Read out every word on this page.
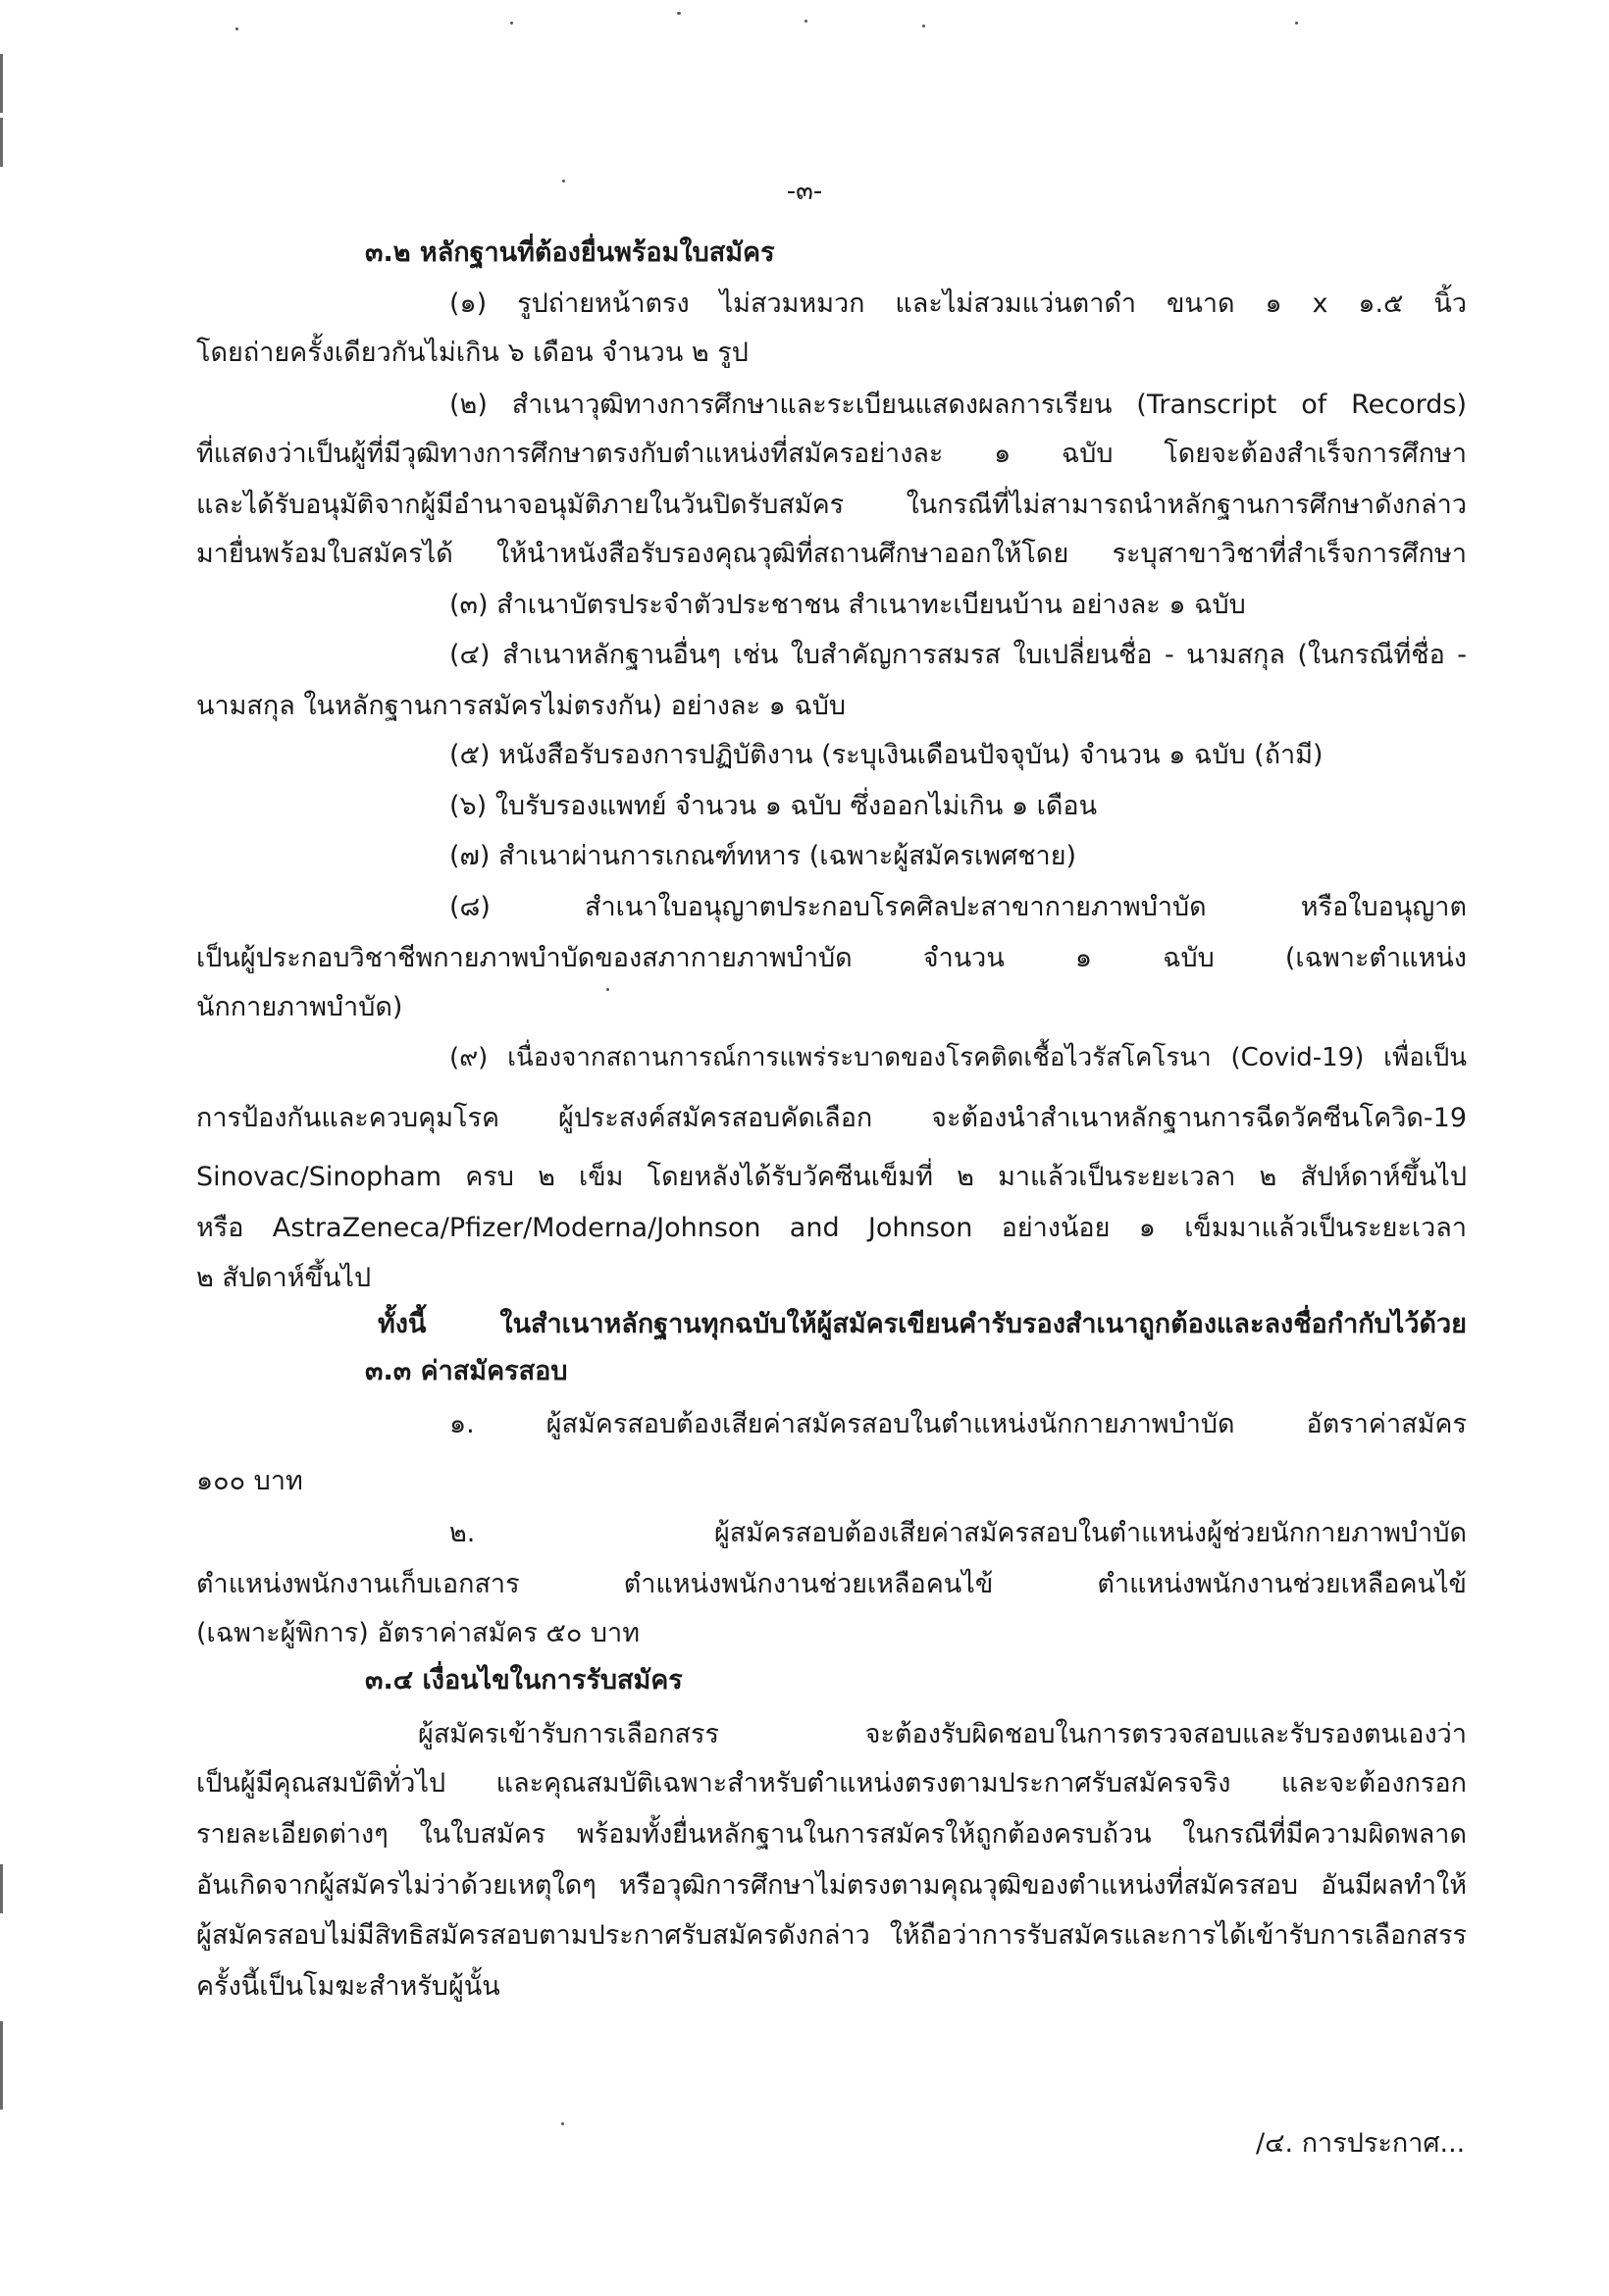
-๓-
๓.๒ หลักฐานที่ต้องยื่นพร้อมใบสมัคร
(๑) รูปถ่ายหน้าตรง ไม่สวมหมวก และไม่สวมแว่นตาดำ ขนาด ๑ x ๑.๕ นิ้ว
โดยถ่ายครั้งเดียวกันไม่เกิน ๖ เดือน จำนวน ๒ รูป
(๒) สำเนาวุฒิทางการศึกษาและระเบียนแสดงผลการเรียน (Transcript of Records)
ที่แสดงว่าเป็นผู้ที่มีวุฒิทางการศึกษาตรงกับตำแหน่งที่สมัครอย่างละ ๑ ฉบับ โดยจะต้องสำเร็จการศึกษา
และได้รับอนุมัติจากผู้มีอำนาจอนุมัติภายในวันปิดรับสมัคร ในกรณีที่ไม่สามารถนำหลักฐานการศึกษาดังกล่าว
มายื่นพร้อมใบสมัครได้ ให้นำหนังสือรับรองคุณวุฒิที่สถานศึกษาออกให้โดย ระบุสาขาวิชาที่สำเร็จการศึกษา
(๓) สำเนาบัตรประจำตัวประชาชน สำเนาทะเบียนบ้าน อย่างละ ๑ ฉบับ
(๔) สำเนาหลักฐานอื่นๆ เช่น ใบสำคัญการสมรส ใบเปลี่ยนชื่อ - นามสกุล (ในกรณีที่ชื่อ -
นามสกุล ในหลักฐานการสมัครไม่ตรงกัน) อย่างละ ๑ ฉบับ
(๕) หนังสือรับรองการปฏิบัติงาน (ระบุเงินเดือนปัจจุบัน) จำนวน ๑ ฉบับ (ถ้ามี)
(๖) ใบรับรองแพทย์ จำนวน ๑ ฉบับ ซึ่งออกไม่เกิน ๑ เดือน
(๗) สำเนาผ่านการเกณฑ์ทหาร (เฉพาะผู้สมัครเพศชาย)
(๘) สำเนาใบอนุญาตประกอบโรคศิลปะสาขากายภาพบำบัด หรือใบอนุญาต
เป็นผู้ประกอบวิชาชีพกายภาพบำบัดของสภากายภาพบำบัด จำนวน ๑ ฉบับ (เฉพาะตำแหน่ง
นักกายภาพบำบัด)
(๙) เนื่องจากสถานการณ์การแพร่ระบาดของโรคติดเชื้อไวรัสโคโรนา (Covid-19) เพื่อเป็น
การป้องกันและควบคุมโรค ผู้ประสงค์สมัครสอบคัดเลือก จะต้องนำสำเนาหลักฐานการฉีดวัคซีนโควิด-19
Sinovac/Sinopham ครบ ๒ เข็ม โดยหลังได้รับวัคซีนเข็มที่ ๒ มาแล้วเป็นระยะเวลา ๒ สัปห์ดาห์ขึ้นไป
หรือ AstraZeneca/Pfizer/Moderna/Johnson and Johnson อย่างน้อย ๑ เข็มมาแล้วเป็นระยะเวลา
๒ สัปดาห์ขึ้นไป
ทั้งนี้ ในสำเนาหลักฐานทุกฉบับให้ผู้สมัครเขียนคำรับรองสำเนาถูกต้องและลงชื่อกำกับไว้ด้วย
๓.๓ ค่าสมัครสอบ
๑. ผู้สมัครสอบต้องเสียค่าสมัครสอบในตำแหน่งนักกายภาพบำบัด อัตราค่าสมัคร
๑๐๐ บาท
๒. ผู้สมัครสอบต้องเสียค่าสมัครสอบในตำแหน่งผู้ช่วยนักกายภาพบำบัด
ตำแหน่งพนักงานเก็บเอกสาร ตำแหน่งพนักงานช่วยเหลือคนไข้ ตำแหน่งพนักงานช่วยเหลือคนไข้
(เฉพาะผู้พิการ) อัตราค่าสมัคร ๕๐ บาท
๓.๔ เงื่อนไขในการรับสมัคร
ผู้สมัครเข้ารับการเลือกสรร จะต้องรับผิดชอบในการตรวจสอบและรับรองตนเองว่า
เป็นผู้มีคุณสมบัติทั่วไป และคุณสมบัติเฉพาะสำหรับตำแหน่งตรงตามประกาศรับสมัครจริง และจะต้องกรอก
รายละเอียดต่างๆ ในใบสมัคร พร้อมทั้งยื่นหลักฐานในการสมัครให้ถูกต้องครบถ้วน ในกรณีที่มีความผิดพลาด
อันเกิดจากผู้สมัครไม่ว่าด้วยเหตุใดๆ หรือวุฒิการศึกษาไม่ตรงตามคุณวุฒิของตำแหน่งที่สมัครสอบ อันมีผลทำให้
ผู้สมัครสอบไม่มีสิทธิสมัครสอบตามประกาศรับสมัครดังกล่าว ให้ถือว่าการรับสมัครและการได้เข้ารับการเลือกสรร
ครั้งนี้เป็นโมฆะสำหรับผู้นั้น
/๔. การประกาศ...
